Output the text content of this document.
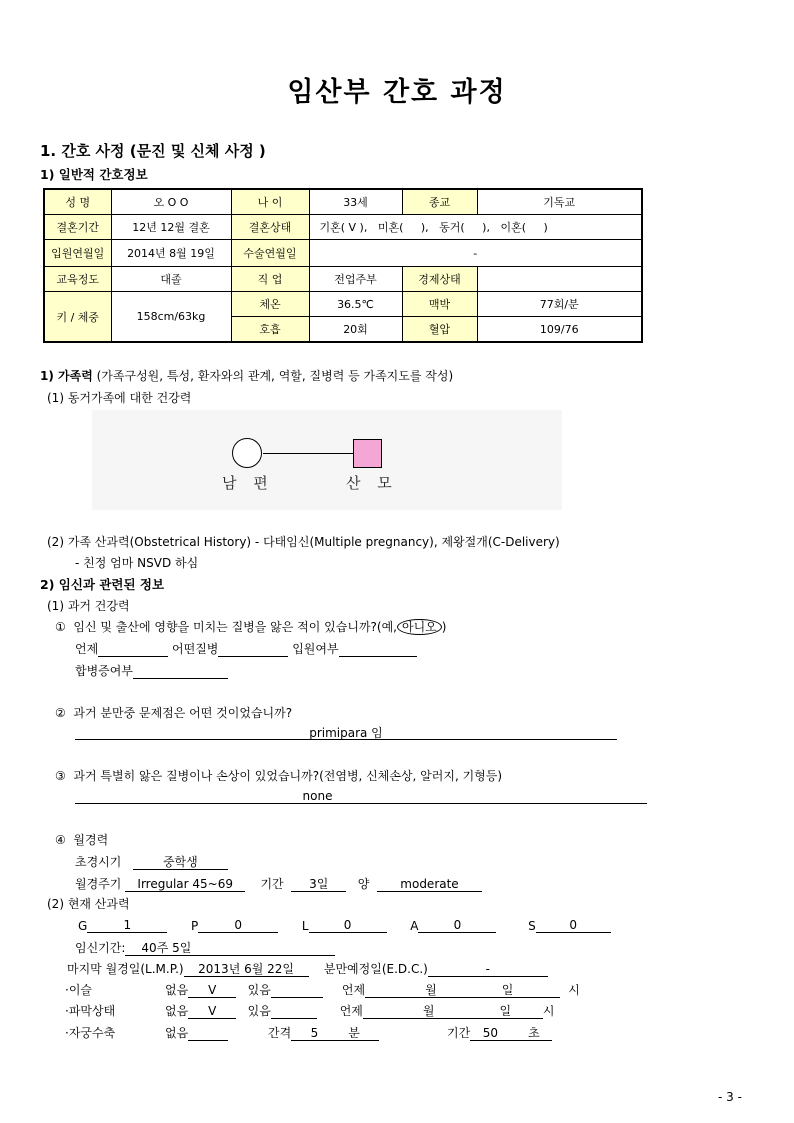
임산부 간호 과정
1. 간호 사정 (문진 및 신체 사정 )
1) 일반적 간호정보
성 명	오 O O	나 이	33세	종교	기독교
결혼기간	12년 12월 결혼	결혼상태	기혼( V ),   미혼(     ),   동거(     ),   이혼(     )		
입원연월일	2014년 8월 19일	수술연월일	-		
교육정도	대졸	직 업	전업주부	경제상태	
키 / 체중	158cm/63kg	체온	36.5℃	맥박	77회/분
		호흡	20회	혈압	109/76
1) 가족력 (가족구성원, 특성, 환자와의 관계, 역할, 질병력 등 가족지도를 작성)
(1) 동거가족에 대한 건강력
남 편	산 모
(2) 가족 산과력(Obstetrical History) - 다태임신(Multiple pregnancy), 제왕절개(C-Delivery)
- 친정 엄마 NSVD 하심
2) 임신과 관련된 정보
(1) 과거 건강력
① 임신 및 출산에 영향을 미치는 질병을 앓은 적이 있습니까?(예, 아니오 )
언제	어떤질병	입원여부
합병증여부
② 과거 분만중 문제점은 어떤 것이었습니까?
primipara 임
③ 과거 특별히 앓은 질병이나 손상이 있었습니까?(전염병, 신체손상, 알러지, 기형등)
none
④ 월경력
초경시기	중학생
월경주기 Irregular 45~69 기간 3일 양	moderate
(2) 현재 산과력
G	1	P	0	L	0	A	0	S	0
임신기간: 40주 5일
마지막 월경일(L.M.P.) 2013년 6월 22일 분만예정일(E.D.C.)	-
·이슬	없음 V	있음	언제	월	일	시
·파막상태	없음 V	있음	언제	월	일	시
·자궁수축	없음	간격 5	분	기간 50	초
- 3 -
